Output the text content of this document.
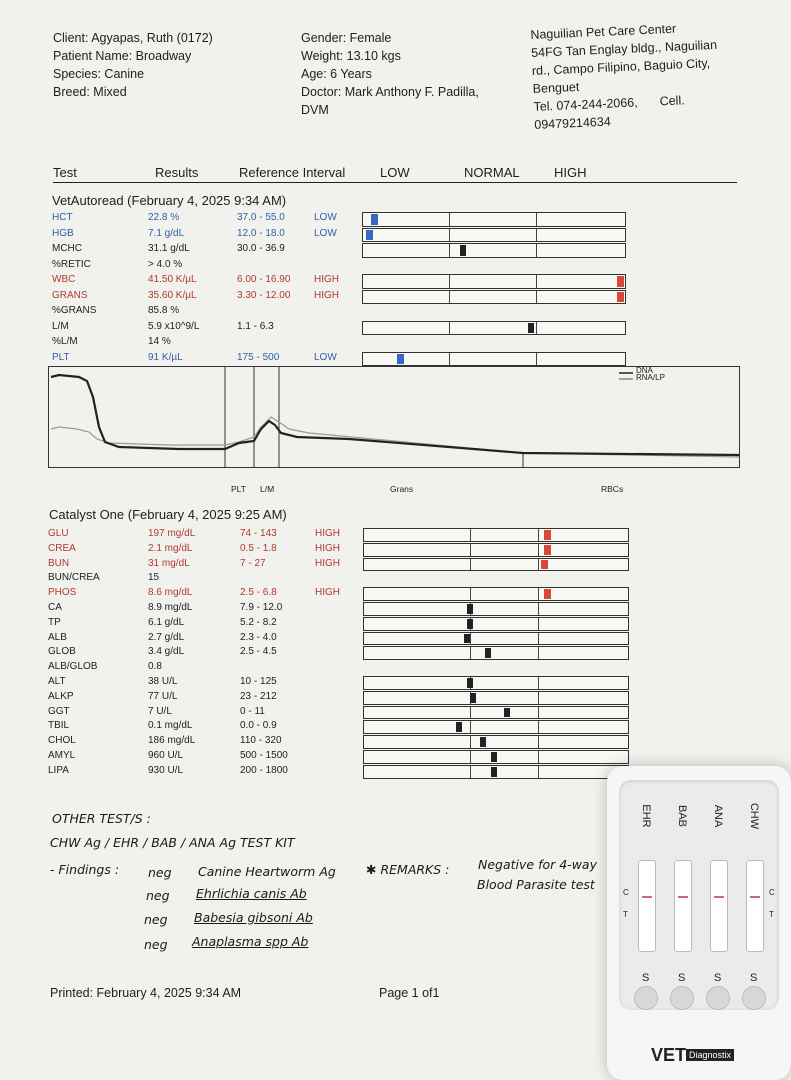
Client: Agyapas, Ruth (0172)
Patient Name: Broadway
Species: Canine
Breed: Mixed
Gender: Female
Weight: 13.10 kgs
Age: 6 Years
Doctor: Mark Anthony F. Padilla,
DVM
Naguilian Pet Care Center
54FG Tan Englay bldg., Naguilian
rd., Campo Filipino, Baguio City,
Benguet
Tel. 074-244-2066, Cell.
09479214634
Test	Results	Reference Interval	LOW	NORMAL	HIGH
VetAutoread (February 4, 2025 9:34 AM)
Catalyst One (February 4, 2025 9:25 AM)
HCT	22.8 %	37.0 - 55.0	LOW
HGB	7.1 g/dL	12.0 - 18.0	LOW
MCHC	31.1 g/dL	30.0 - 36.9
%RETIC	> 4.0 %
WBC	41.50 K/µL	6.00 - 16.90 HIGH
GRANS	35.60 K/µL	3.30 - 12.00 HIGH
%GRANS	85.8 %
L/M	5.9 x10^9/L	1.1 - 6.3
%L/M	14 %
PLT	91 K/µL	175 - 500	LOW
GLU	197 mg/dL	74 - 143	HIGH
CREA	2.1 mg/dL	0.5 - 1.8	HIGH
BUN	31 mg/dL	7 - 27	HIGH
BUN/CREA	15
PHOS	8.6 mg/dL	2.5 - 6.8	HIGH
CA	8.9 mg/dL	7.9 - 12.0
TP	6.1 g/dL	5.2 - 8.2
ALB	2.7 g/dL	2.3 - 4.0
GLOB	3.4 g/dL	2.5 - 4.5
ALB/GLOB	0.8
ALT	38 U/L	10 - 125
ALKP	77 U/L	23 - 212
GGT	7 U/L	0 - 11
TBIL	0.1 mg/dL	0.0 - 0.9
CHOL	186 mg/dL	110 - 320
AMYL	960 U/L	500 - 1500
LIPA	930 U/L	200 - 1800
DNA
RNA/LP
PLT L/M	Grans	RBCs
OTHER TEST/S :
CHW Ag / EHR / BAB / ANA Ag TEST KIT
- Findings : neg Canine Heartworm Ag
neg Ehrlichia canis Ab
neg Babesia gibsoni Ab
neg Anaplasma spp Ab
✱ REMARKS : Negative for 4-way
Blood Parasite test
Printed: February 4, 2025 9:34 AM	Page 1 of1
EHR BAB ANA CHW
C
T
C
T
S	S	S	S
VET Diagnostix
